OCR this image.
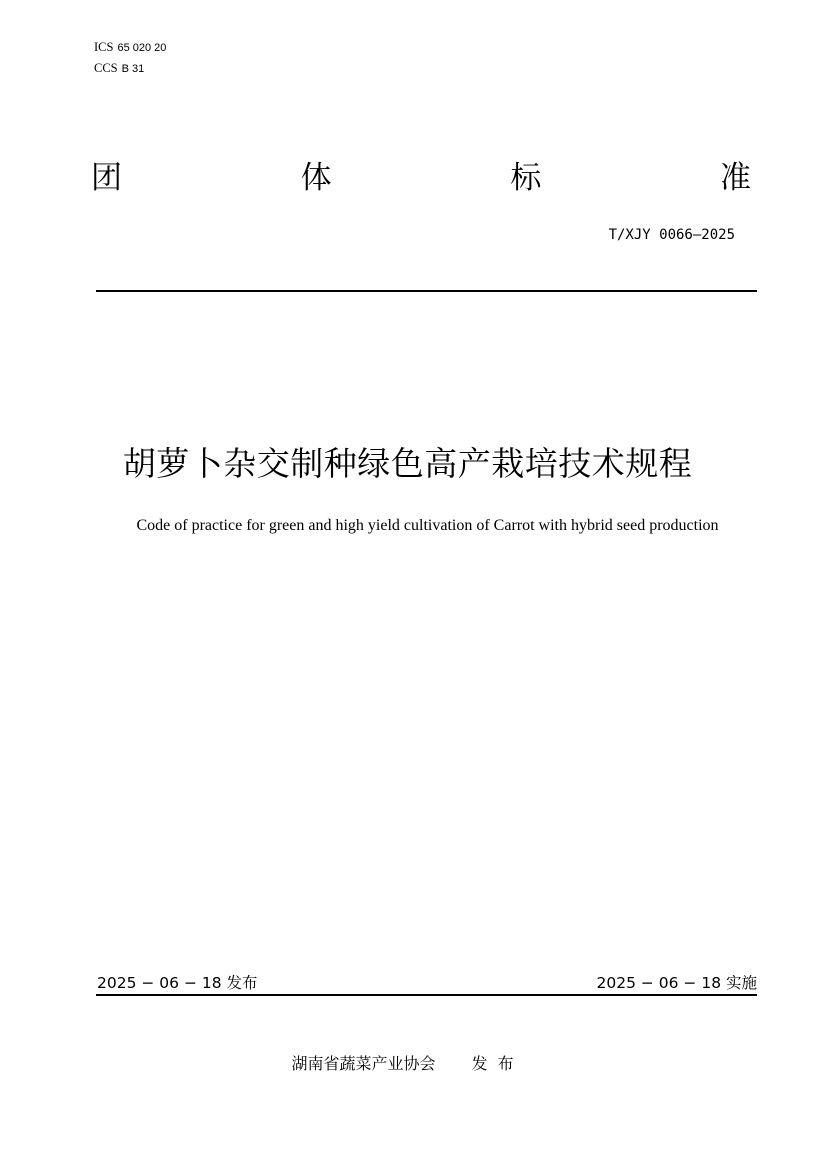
ICS 65 020 20
CCS B 31
团	体	标	准
T/XJY 0066—2025
胡萝卜杂交制种绿色高产栽培技术规程
Code of practice for green and high yield cultivation of Carrot with hybrid seed production
2025 − 06 − 18 发布	2025 − 06 − 18 实施
湖南省蔬菜产业协会 发布
